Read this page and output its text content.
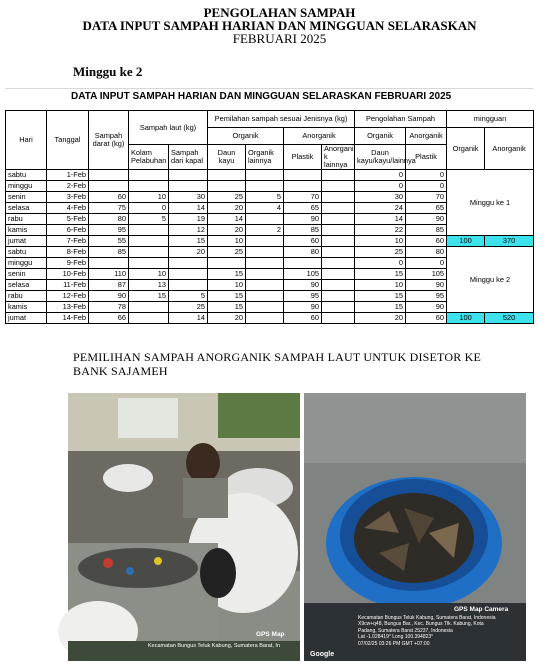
PENGOLAHAN SAMPAH
DATA INPUT SAMPAH HARIAN DAN MINGGUAN SELARASKAN
FEBRUARI 2025
Minggu ke 2
DATA INPUT SAMPAH HARIAN DAN MINGGUAN SELARASKAN FEBRUARI 2025
Hari	Tanggal	Sampah darat (kg)	Sampah laut (kg)		Pemilahan sampah sesuai Jenisnya (kg)				Pengolahan Sampah		mingguan	
					Organik		Anorganik		Organik	Anorganik	Organik	Anorganik
			Kolam Pelabuhan	Sampah dari kapal	Daun kayu	Organik lainnya	Plastik	Anorgani k lainnya	Daun kayu/kayu/lainnya	Plastik		
sabtu	1-Feb								0	0	Minggu ke 1	
minggu	2-Feb								0	0		
senin	3-Feb	60	10	30	25	5	70		30	70		
selasa	4-Feb	75	0	14	20	4	65		24	65		
rabu	5-Feb	80	5	19	14		90		14	90		
kamis	6-Feb	95		12	20	2	85		22	85		
jumat	7-Feb	55		15	10		60		10	60	100	370
sabtu	8-Feb	85		20	25		80		25	80	Minggu ke 2	
minggu	9-Feb								0	0		
senin	10-Feb	110	10		15		105		15	105		
selasa	11-Feb	87	13		10		90		10	90		
rabu	12-Feb	90	15	5	15		95		15	95		
kamis	13-Feb	78		25	15		90		15	90		
jumat	14-Feb	66		14	20		60		20	60	100	520
PEMILIHAN SAMPAH ANORGANIK SAMPAH LAUT UNTUK DISETOR KE BANK SAJAMEH
GPS Map
Kecamatan Bungus Teluk Kabung, Sumatera Barat, In
GPS Map Camera
Kecamatan Bungus Teluk Kabung, Sumatera Barat, Indonesia
X9cw+q48, Bungus Bar., Kec. Bungus Tlk. Kabung, Kota
Padang, Sumatera Barat 25237, Indonesia
Lat -1.028419° Long 100.394823°
07/02/25 03:26 PM GMT +07:00
Google
